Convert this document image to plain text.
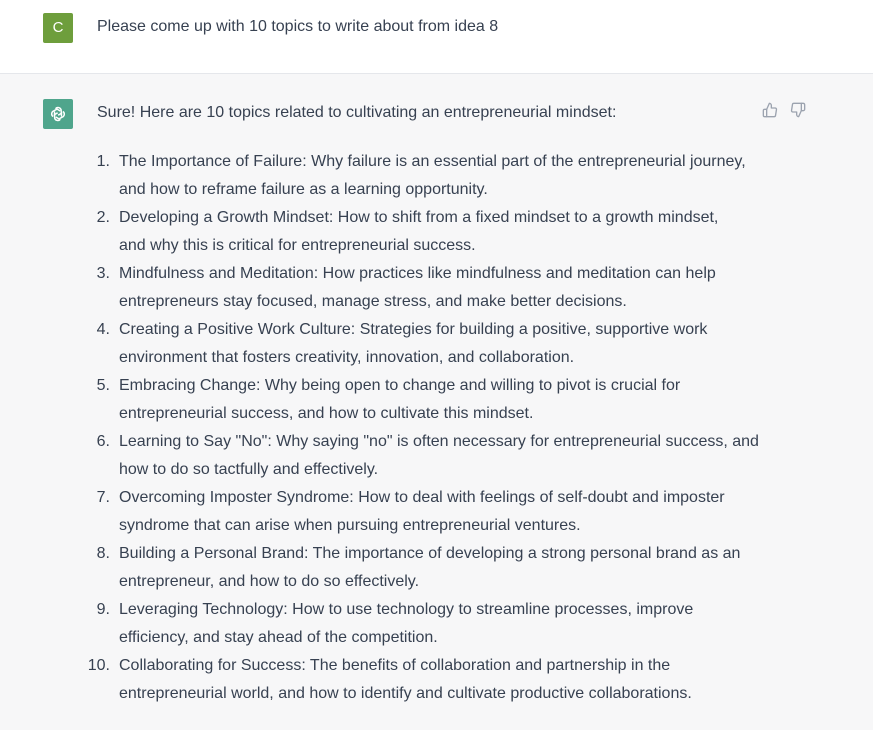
C	Please come up with 10 topics to write about from idea 8
Sure! Here are 10 topics related to cultivating an entrepreneurial mindset:
1. The Importance of Failure: Why failure is an essential part of the entrepreneurial journey,
and how to reframe failure as a learning opportunity.
2. Developing a Growth Mindset: How to shift from a fixed mindset to a growth mindset,
and why this is critical for entrepreneurial success.
3. Mindfulness and Meditation: How practices like mindfulness and meditation can help
entrepreneurs stay focused, manage stress, and make better decisions.
4. Creating a Positive Work Culture: Strategies for building a positive, supportive work
environment that fosters creativity, innovation, and collaboration.
5. Embracing Change: Why being open to change and willing to pivot is crucial for
entrepreneurial success, and how to cultivate this mindset.
6. Learning to Say "No": Why saying "no" is often necessary for entrepreneurial success, and
how to do so tactfully and effectively.
7. Overcoming Imposter Syndrome: How to deal with feelings of self-doubt and imposter
syndrome that can arise when pursuing entrepreneurial ventures.
8. Building a Personal Brand: The importance of developing a strong personal brand as an
entrepreneur, and how to do so effectively.
9. Leveraging Technology: How to use technology to streamline processes, improve
efficiency, and stay ahead of the competition.
10. Collaborating for Success: The benefits of collaboration and partnership in the
entrepreneurial world, and how to identify and cultivate productive collaborations.
